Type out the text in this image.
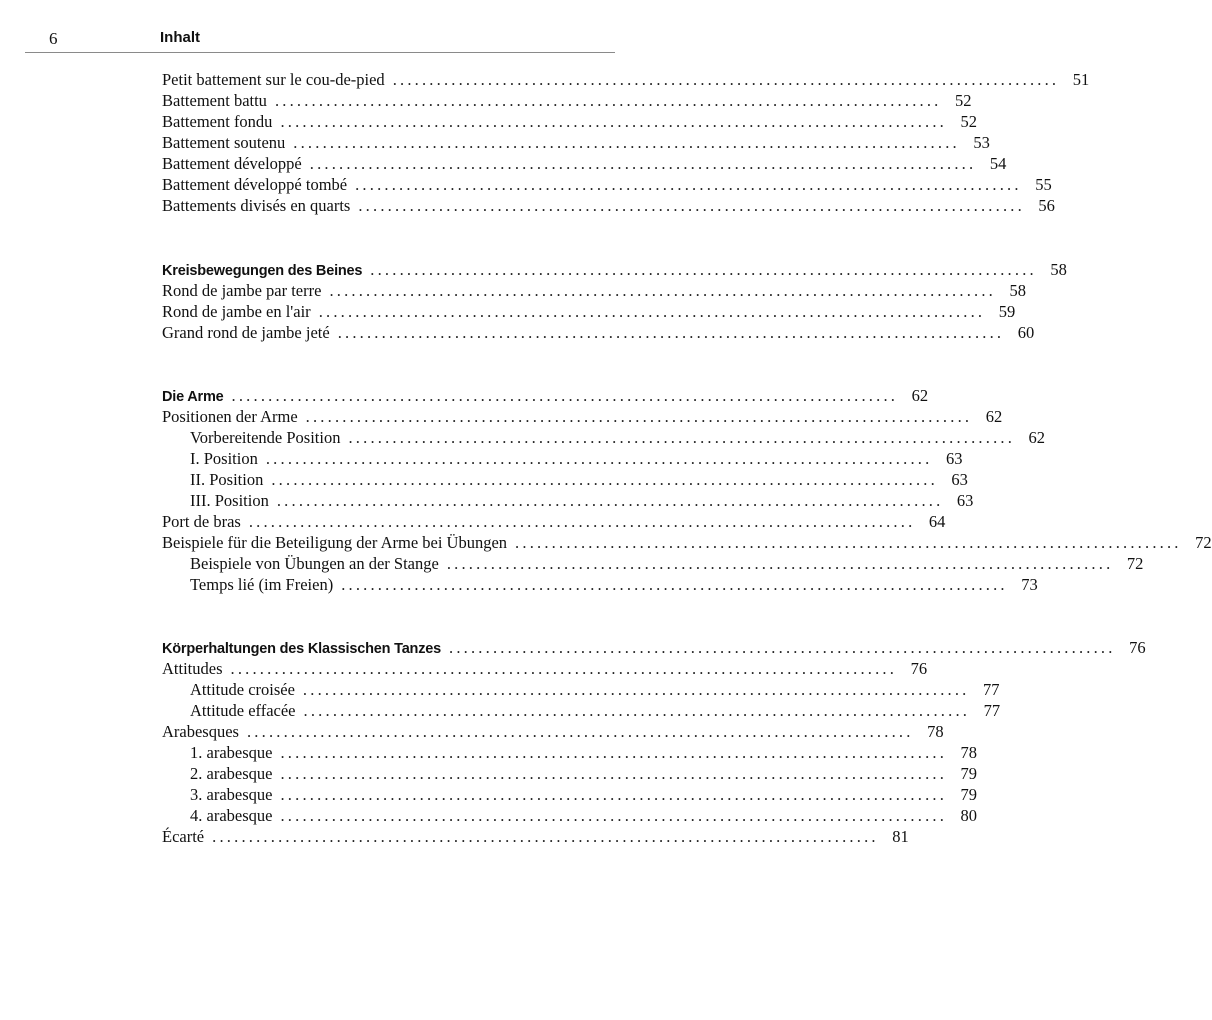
6	Inhalt
Petit battement sur le cou-de-pied ........................................................................................... 51
Battement battu ........................................................................................... 52
Battement fondu ........................................................................................... 52
Battement soutenu ........................................................................................... 53
Battement développé ........................................................................................... 54
Battement développé tombé ........................................................................................... 55
Battements divisés en quarts ........................................................................................... 56
Kreisbewegungen des Beines ........................................................................................... 58
Rond de jambe par terre ........................................................................................... 58
Rond de jambe en l'air ........................................................................................... 59
Grand rond de jambe jeté ........................................................................................... 60
Die Arme ........................................................................................... 62
Positionen der Arme ........................................................................................... 62
Vorbereitende Position ........................................................................................... 62
I. Position ........................................................................................... 63
II. Position ........................................................................................... 63
III. Position ........................................................................................... 63
Port de bras ........................................................................................... 64
Beispiele für die Beteiligung der Arme bei Übungen ........................................................................................... 72
Beispiele von Übungen an der Stange ........................................................................................... 72
Temps lié (im Freien) ........................................................................................... 73
Körperhaltungen des Klassischen Tanzes ........................................................................................... 76
Attitudes ........................................................................................... 76
Attitude croisée ........................................................................................... 77
Attitude effacée ........................................................................................... 77
Arabesques ........................................................................................... 78
1. arabesque ........................................................................................... 78
2. arabesque ........................................................................................... 79
3. arabesque ........................................................................................... 79
4. arabesque ........................................................................................... 80
Écarté ........................................................................................... 81
